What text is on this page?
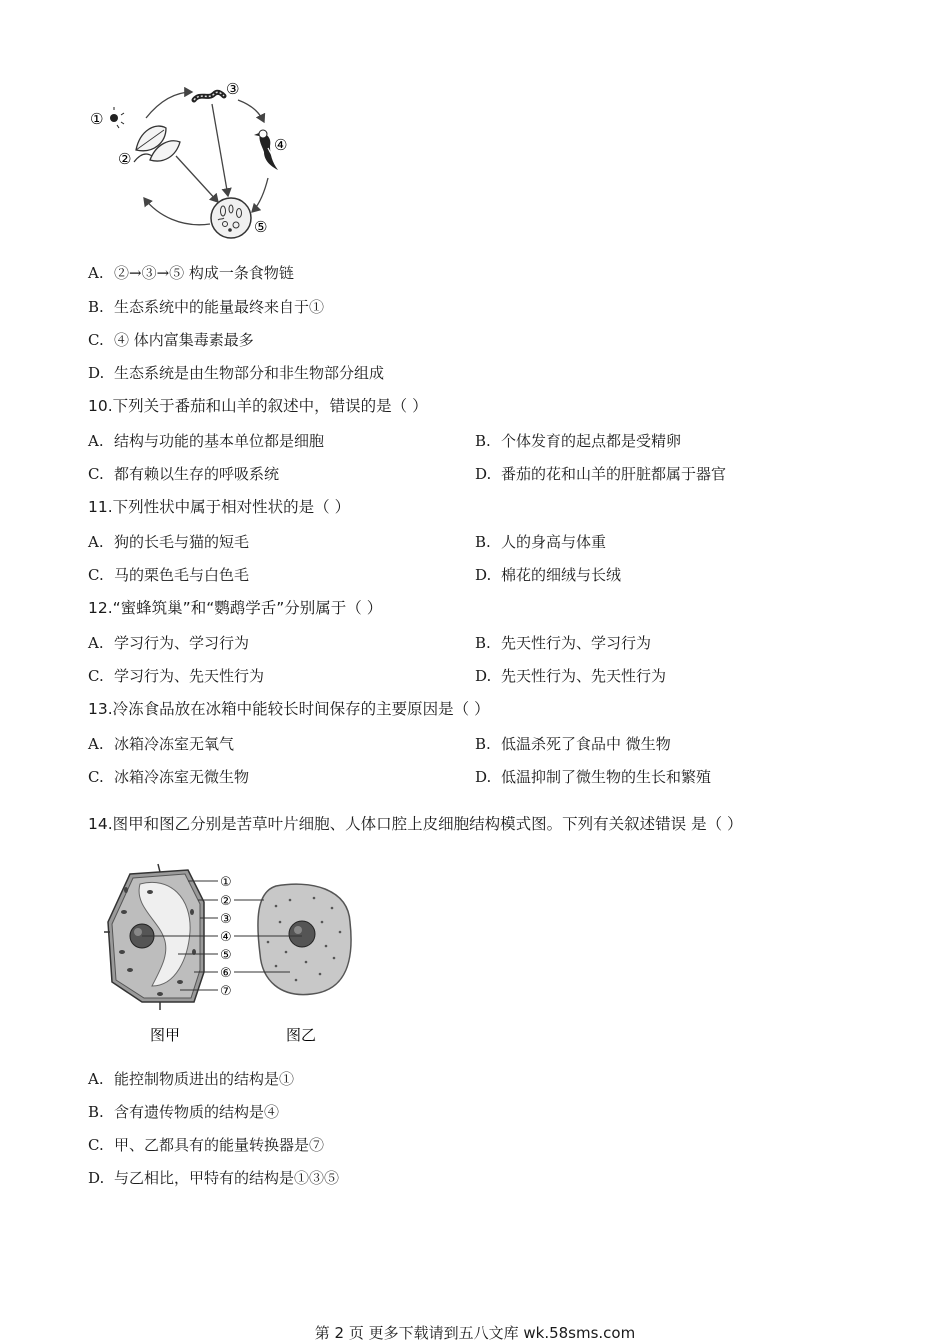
①
②
③
④
⑤
A. ②→③→⑤ 构成一条食物链
B. 生态系统中的能量最终来自于①
C. ④ 体内富集毒素最多
D. 生态系统是由生物部分和非生物部分组成
10.下列关于番茄和山羊的叙述中，错误的是（ ）
A. 结构与功能的基本单位都是细胞	B. 个体发育的起点都是受精卵
C. 都有赖以生存的呼吸系统	D. 番茄的花和山羊的肝脏都属于器官
11.下列性状中属于相对性状的是（ ）
A. 狗的长毛与猫的短毛	B. 人的身高与体重
C. 马的栗色毛与白色毛	D. 棉花的细绒与长绒
12.“蜜蜂筑巢”和“鹦鹉学舌”分别属于（ ）
A. 学习行为、学习行为	B. 先天性行为、学习行为
C. 学习行为、先天性行为	D. 先天性行为、先天性行为
13.冷冻食品放在冰箱中能较长时间保存的主要原因是（ ）
A. 冰箱冷冻室无氧气	B. 低温杀死了食品中 微生物
C. 冰箱冷冻室无微生物	D. 低温抑制了微生物的生长和繁殖
14.图甲和图乙分别是苦草叶片细胞、人体口腔上皮细胞结构模式图。下列有关叙述错误 是（ ）
①
②
③
④
⑤
⑥
⑦
图甲	图乙
A. 能控制物质进出的结构是①
B. 含有遗传物质的结构是④
C. 甲、乙都具有的能量转换器是⑦
D. 与乙相比，甲特有的结构是①③⑤
第 2 页 更多下载请到五八文库 wk.58sms.com
